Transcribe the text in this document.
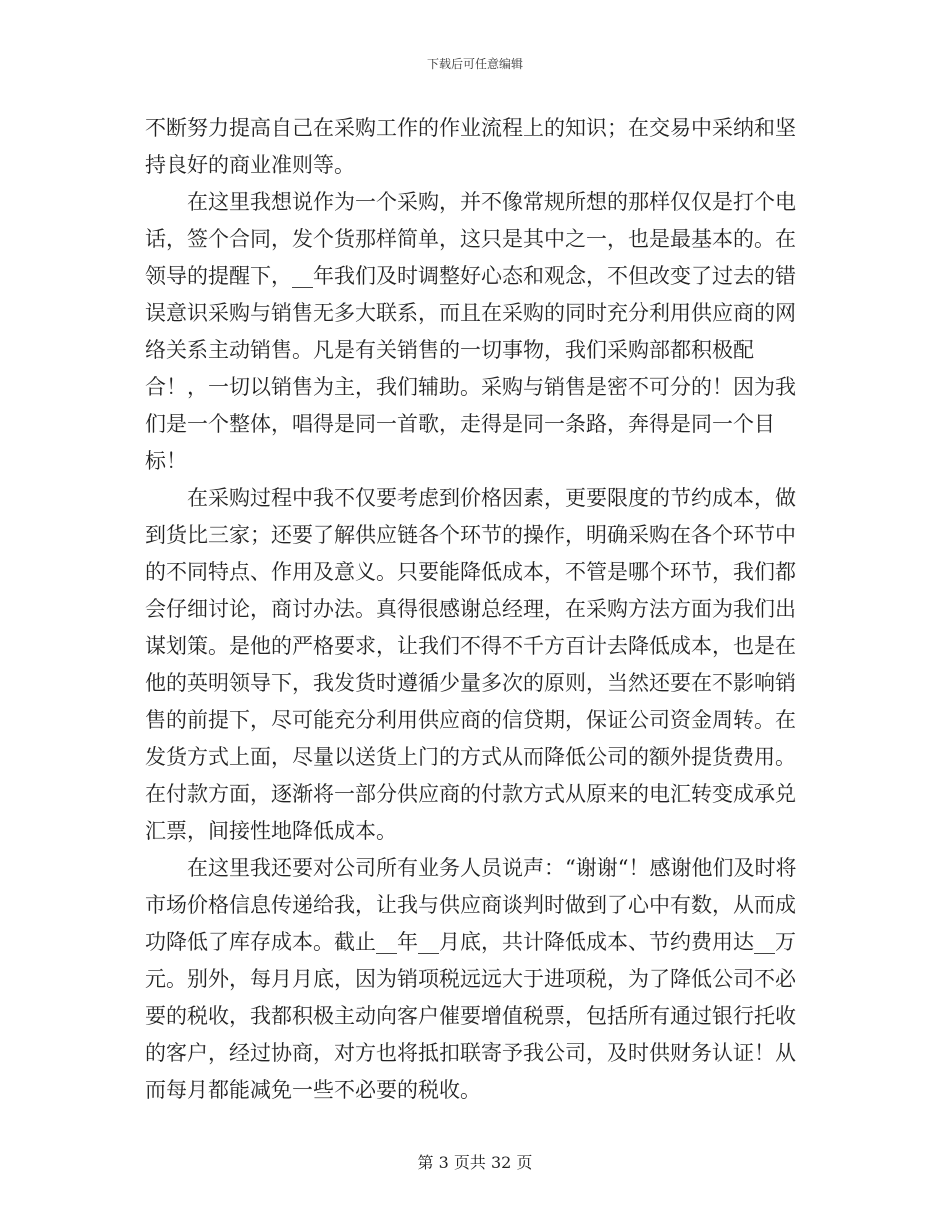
下载后可任意编辑

不断努力提高自己在采购工作的作业流程上的知识；在交易中采纳和坚持良好的商业准则等。

在这里我想说作为一个采购，并不像常规所想的那样仅仅是打个电话，签个合同，发个货那样简单，这只是其中之一，也是最基本的。在领导的提醒下，__年我们及时调整好心态和观念，不但改变了过去的错误意识采购与销售无多大联系，而且在采购的同时充分利用供应商的网络关系主动销售。凡是有关销售的一切事物，我们采购部都积极配合！，一切以销售为主，我们辅助。采购与销售是密不可分的！因为我们是一个整体，唱得是同一首歌，走得是同一条路，奔得是同一个目标！

在采购过程中我不仅要考虑到价格因素，更要限度的节约成本，做到货比三家；还要了解供应链各个环节的操作，明确采购在各个环节中的不同特点、作用及意义。只要能降低成本，不管是哪个环节，我们都会仔细讨论，商讨办法。真得很感谢总经理，在采购方法方面为我们出谋划策。是他的严格要求，让我们不得不千方百计去降低成本，也是在他的英明领导下，我发货时遵循少量多次的原则，当然还要在不影响销售的前提下，尽可能充分利用供应商的信贷期，保证公司资金周转。在发货方式上面，尽量以送货上门的方式从而降低公司的额外提货费用。在付款方面，逐渐将一部分供应商的付款方式从原来的电汇转变成承兑汇票，间接性地降低成本。

在这里我还要对公司所有业务人员说声：“谢谢“！感谢他们及时将市场价格信息传递给我，让我与供应商谈判时做到了心中有数，从而成功降低了库存成本。截止__年__月底，共计降低成本、节约费用达__万元。别外，每月月底，因为销项税远远大于进项税，为了降低公司不必要的税收，我都积极主动向客户催要增值税票，包括所有通过银行托收的客户，经过协商，对方也将抵扣联寄予我公司，及时供财务认证！从而每月都能减免一些不必要的税收。

第 3 页共 32 页
